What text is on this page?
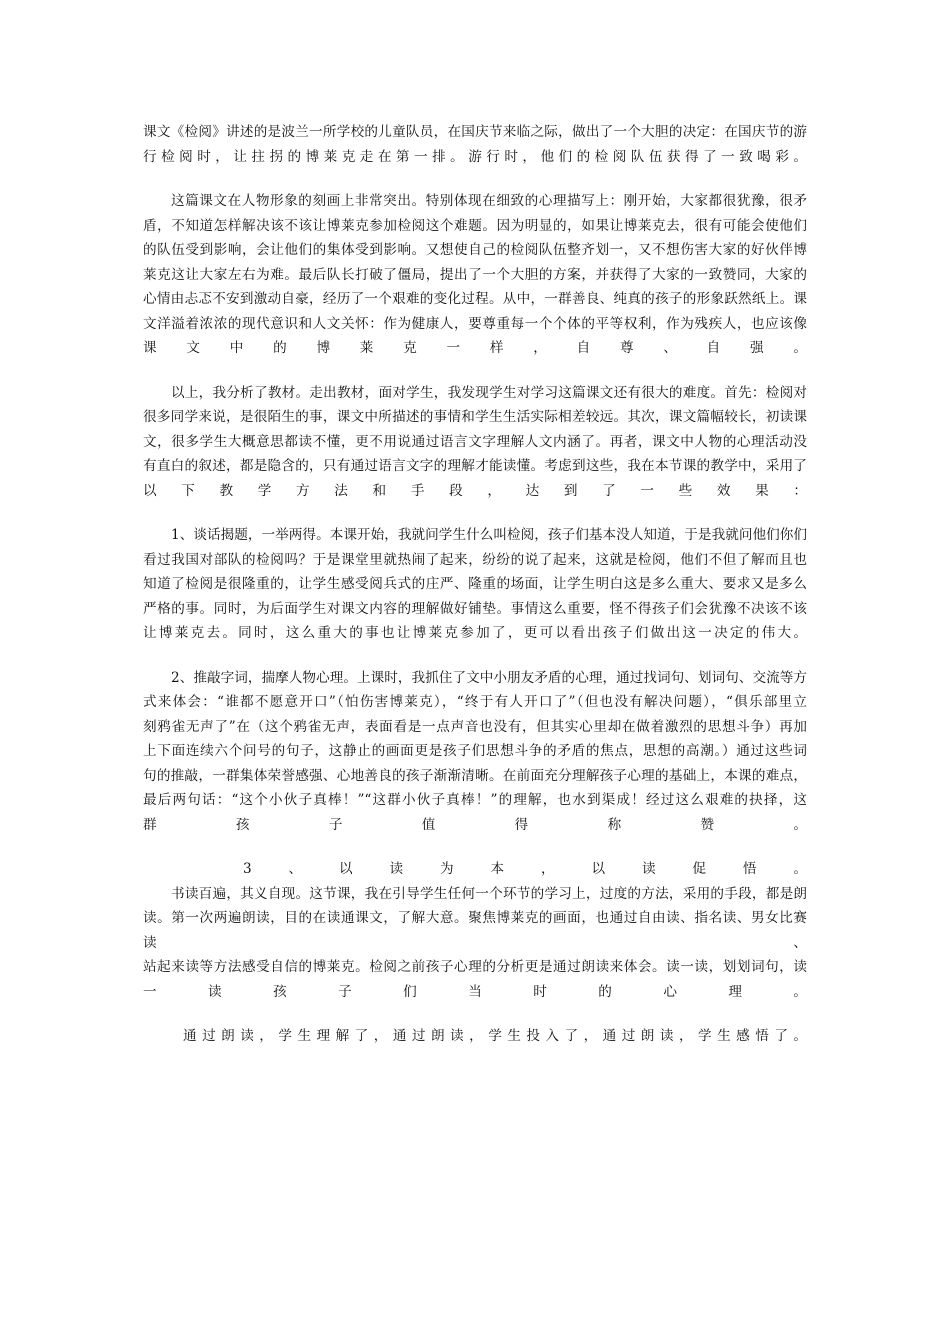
课文《检阅》讲述的是波兰一所学校的儿童队员，在国庆节来临之际，做出了一个大胆的决定：在国庆节的游

行检阅时，让拄拐的博莱克走在第一排。游行时，他们的检阅队伍获得了一致喝彩。

这篇课文在人物形象的刻画上非常突出。特别体现在细致的心理描写上：刚开始，大家都很犹豫，很矛

盾，不知道怎样解决该不该让博莱克参加检阅这个难题。因为明显的，如果让博莱克去，很有可能会使他们

的队伍受到影响，会让他们的集体受到影响。又想使自己的检阅队伍整齐划一，又不想伤害大家的好伙伴博

莱克这让大家左右为难。最后队长打破了僵局，提出了一个大胆的方案，并获得了大家的一致赞同，大家的

心情由忐忑不安到激动自豪，经历了一个艰难的变化过程。从中，一群善良、纯真的孩子的形象跃然纸上。课

文洋溢着浓浓的现代意识和人文关怀：作为健康人，要尊重每一个个体的平等权利，作为残疾人，也应该像

课文中的博莱克一样，自尊、自强。

以上，我分析了教材。走出教材，面对学生，我发现学生对学习这篇课文还有很大的难度。首先：检阅对

很多同学来说，是很陌生的事，课文中所描述的事情和学生生活实际相差较远。其次，课文篇幅较长，初读课

文，很多学生大概意思都读不懂，更不用说通过语言文字理解人文内涵了。再者，课文中人物的心理活动没

有直白的叙述，都是隐含的，只有通过语言文字的理解才能读懂。考虑到这些，我在本节课的教学中，采用了

以下教学方法和手段，达到了一些效果：

1、谈话揭题，一举两得。本课开始，我就问学生什么叫检阅，孩子们基本没人知道，于是我就问他们你们

看过我国对部队的检阅吗？于是课堂里就热闹了起来，纷纷的说了起来，这就是检阅，他们不但了解而且也

知道了检阅是很隆重的，让学生感受阅兵式的庄严、隆重的场面，让学生明白这是多么重大、要求又是多么

严格的事。同时，为后面学生对课文内容的理解做好铺垫。事情这么重要，怪不得孩子们会犹豫不决该不该

让博莱克去。同时，这么重大的事也让博莱克参加了，更可以看出孩子们做出这一决定的伟大。

2、推敲字词，揣摩人物心理。上课时，我抓住了文中小朋友矛盾的心理，通过找词句、划词句、交流等方

式来体会：“谁都不愿意开口”（怕伤害博莱克），“终于有人开口了”（但也没有解决问题），“俱乐部里立

刻鸦雀无声了”在（这个鸦雀无声，表面看是一点声音也没有，但其实心里却在做着激烈的思想斗争）再加

上下面连续六个问号的句子，这静止的画面更是孩子们思想斗争的矛盾的焦点，思想的高潮。）通过这些词

句的推敲，一群集体荣誉感强、心地善良的孩子渐渐清晰。在前面充分理解孩子心理的基础上，本课的难点，

最后两句话：“这个小伙子真棒！”“这群小伙子真棒！”的理解，也水到渠成！经过这么艰难的抉择，这

群孩子值得称赞。

3、以读为本，以读促悟。

书读百遍，其义自现。这节课，我在引导学生任何一个环节的学习上，过度的方法，采用的手段，都是朗

读。第一次两遍朗读，目的在读通课文，了解大意。聚焦博莱克的画面，也通过自由读、指名读、男女比赛读、

站起来读等方法感受自信的博莱克。检阅之前孩子心理的分析更是通过朗读来体会。读一读，划划词句，读

一读孩子们当时的心理。

通过朗读，学生理解了，通过朗读，学生投入了，通过朗读，学生感悟了。
